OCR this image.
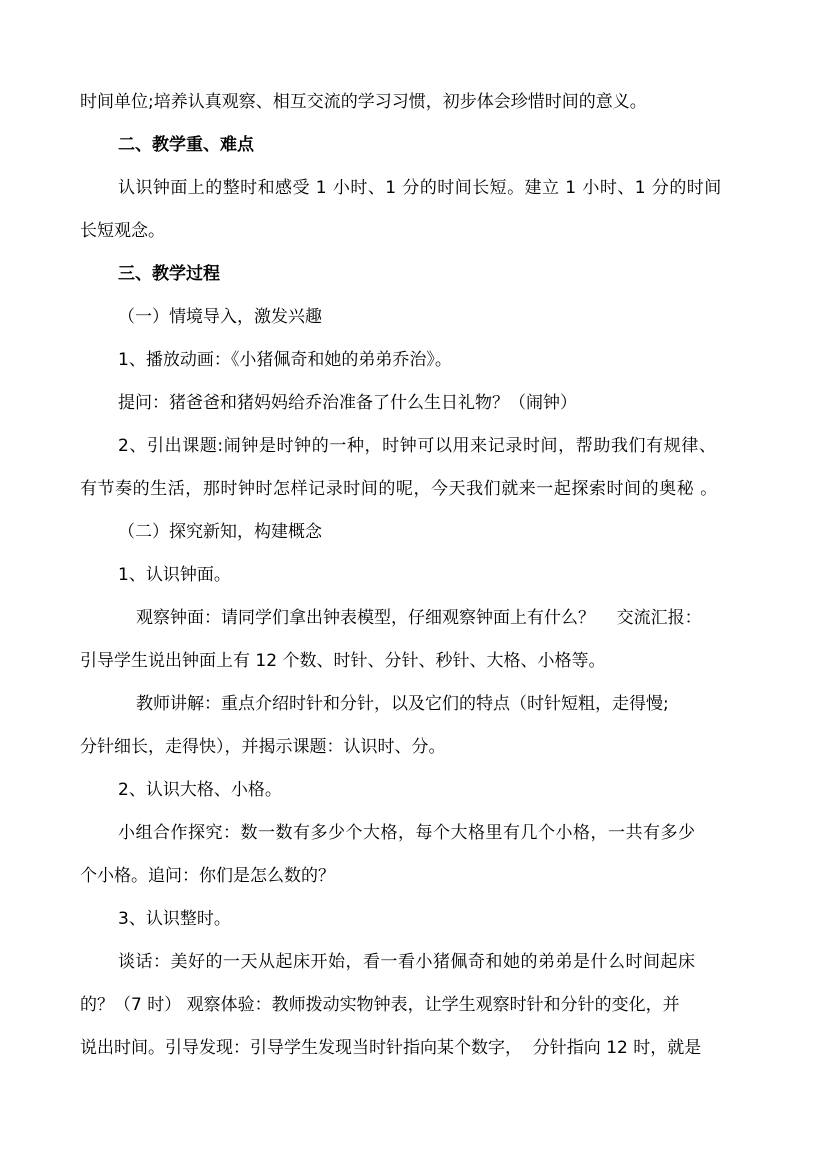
时间单位;培养认真观察、相互交流的学习习惯，初步体会珍惜时间的意义。
二、教学重、难点
认识钟面上的整时和感受 1 小时、1 分的时间长短。建立 1 小时、1 分的时间
长短观念。
三、教学过程
（一）情境导入，激发兴趣
1、播放动画：《小猪佩奇和她的弟弟乔治》。
提问：猪爸爸和猪妈妈给乔治准备了什么生日礼物？（闹钟）
2、引出课题:闹钟是时钟的一种，时钟可以用来记录时间，帮助我们有规律、
有节奏的生活，那时钟时怎样记录时间的呢，今天我们就来一起探索时间的奥秘 。
（二）探究新知，构建概念
1、认识钟面。
观察钟面：请同学们拿出钟表模型，仔细观察钟面上有什么？    交流汇报：
引导学生说出钟面上有 12 个数、时针、分针、秒针、大格、小格等。
教师讲解：重点介绍时针和分针，以及它们的特点（时针短粗，走得慢;
分针细长，走得快），并揭示课题：认识时、分。
2、认识大格、小格。
小组合作探究：数一数有多少个大格，每个大格里有几个小格，一共有多少
个小格。追问：你们是怎么数的？
3、认识整时。
谈话：美好的一天从起床开始，看一看小猪佩奇和她的弟弟是什么时间起床
的？（7 时） 观察体验：教师拨动实物钟表，让学生观察时针和分针的变化，并
说出时间。引导发现：引导学生发现当时针指向某个数字，  分针指向 12 时，就是
